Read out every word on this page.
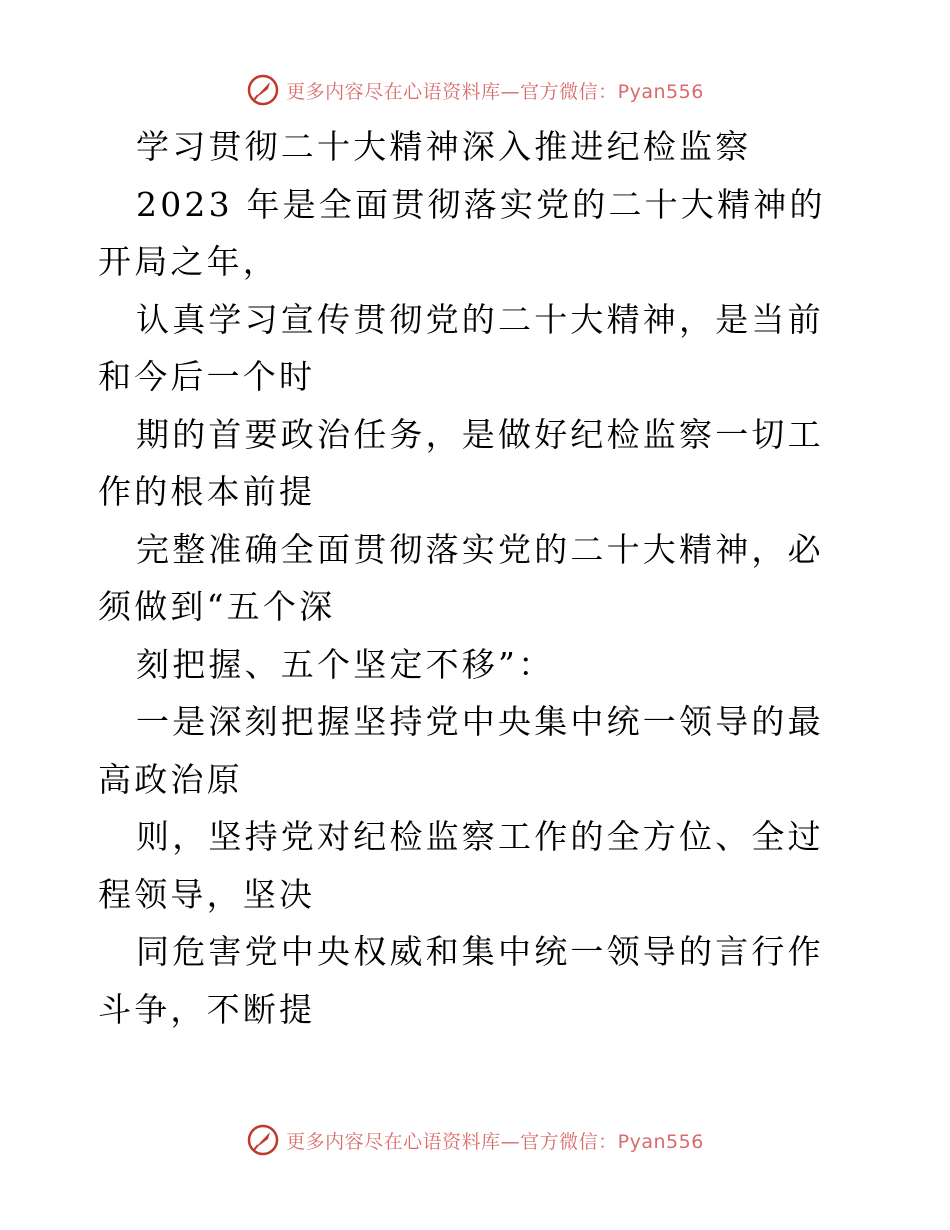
更多内容尽在心语资料库—官方微信：Pyan556

学习贯彻二十大精神深入推进纪检监察

2023 年是全面贯彻落实党的二十大精神的开局之年，

认真学习宣传贯彻党的二十大精神，是当前和今后一个时

期的首要政治任务，是做好纪检监察一切工作的根本前提

完整准确全面贯彻落实党的二十大精神，必须做到“五个深

刻把握、五个坚定不移”：

一是深刻把握坚持党中央集中统一领导的最高政治原

则，坚持党对纪检监察工作的全方位、全过程领导，坚决

同危害党中央权威和集中统一领导的言行作斗争，不断提

更多内容尽在心语资料库—官方微信：Pyan556
